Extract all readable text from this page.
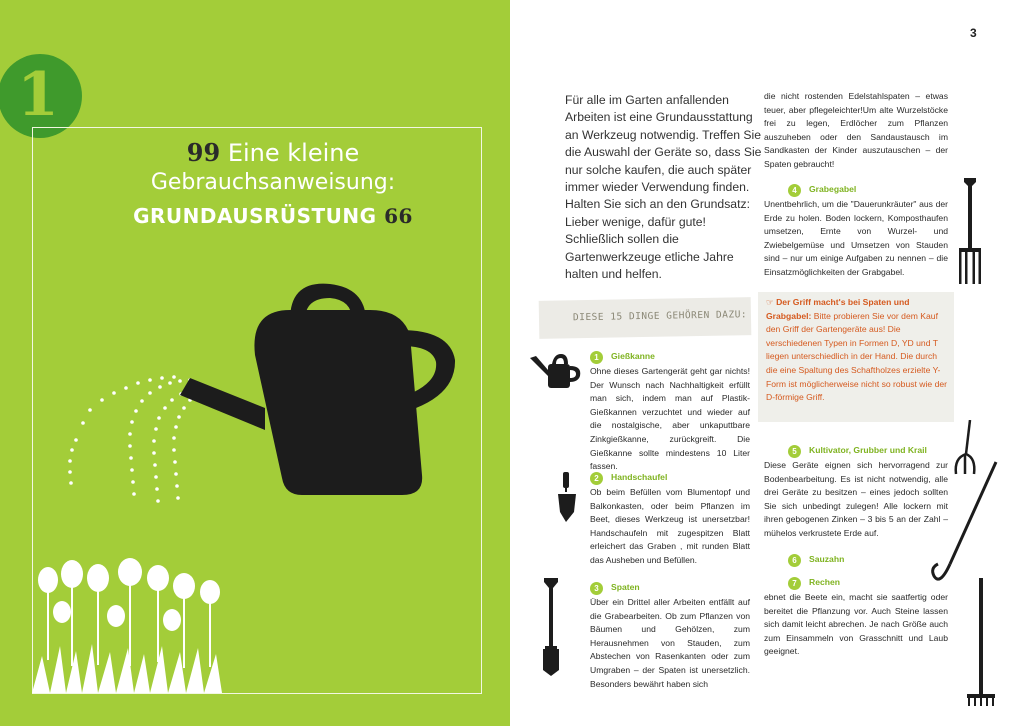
1
99 Eine kleine
Gebrauchsanweisung:
GRUNDAUSRÜSTUNG 66
3
Für alle im Garten anfallenden Arbeiten ist eine Grundausstattung an Werkzeug notwendig. Treffen Sie die Auswahl der Geräte so, dass Sie nur solche kaufen, die auch später immer wieder Verwendung finden. Halten Sie sich an den Grundsatz: Lieber wenige, dafür gute! Schließlich sollen die Gartenwerkzeuge etliche Jahre halten und helfen.
die nicht rostenden Edelstahlspaten – etwas teuer, aber pflegeleichter!Um alte Wurzelstöcke frei zu legen, Erdlöcher zum Pflanzen auszuheben oder den Sandaustausch im Sandkasten der Kinder auszutauschen – der Spaten gebraucht!
DIESE 15 DINGE GEHÖREN DAZU:
1	Gießkanne
Ohne dieses Gartengerät geht gar nichts! Der Wunsch nach Nachhaltigkeit erfüllt man sich, indem man auf Plastik-Gießkannen verzuchtet und wieder auf die nostalgische, aber unkaputtbare Zinkgießkanne, zurückgreift. Die Gießkanne sollte mindestens 10 Liter fassen.
2	Handschaufel
Ob beim Befüllen vom Blumentopf und Balkonkasten, oder beim Pflanzen im Beet, dieses Werkzeug ist unersetzbar! Handschaufeln mit zugespitzen Blatt erleichert das Graben , mit runden Blatt das Ausheben und Befüllen.
3	Spaten
Über ein Drittel aller Arbeiten entfällt auf die Grabearbeiten. Ob zum Pflanzen von Bäumen und Gehölzen, zum Herausnehmen von Stauden, zum Abstechen von Rasenkanten oder zum Umgraben – der Spaten ist unersetzlich. Besonders bewährt haben sich
4	Grabegabel
Unentbehrlich, um die "Dauerunkräuter" aus der Erde zu holen. Boden lockern, Komposthaufen umsetzen, Ernte von Wurzel- und Zwiebelgemüse und Umsetzen von Stauden sind – nur um einige Aufgaben zu nennen – die Einsatzmöglichkeiten der Grabgabel.
☞ Der Griff macht's bei Spaten und Grabgabel: Bitte probieren Sie vor dem Kauf den Griff der Gartengeräte aus! Die verschiedenen Typen in Formen D, YD und T liegen unterschiedlich in der Hand. Die durch die eine Spaltung des Schaftholzes erzielte Y-Form ist möglicherweise nicht so robust wie der D-förmige Griff.
5	Kultivator, Grubber und Krail
Diese Geräte eignen sich hervorragend zur Bodenbearbeitung. Es ist nicht notwendig, alle drei Geräte zu besitzen – eines jedoch sollten Sie sich unbedingt zulegen! Alle lockern mit ihren gebogenen Zinken – 3 bis 5 an der Zahl – mühelos verkrustete Erde auf.
6	Sauzahn
7	Rechen
ebnet die Beete ein, macht sie saatfertig oder bereitet die Pflanzung vor. Auch Steine lassen sich damit leicht abrechen. Je nach Größe auch zum Einsammeln von Grasschnitt und Laub geeignet.
